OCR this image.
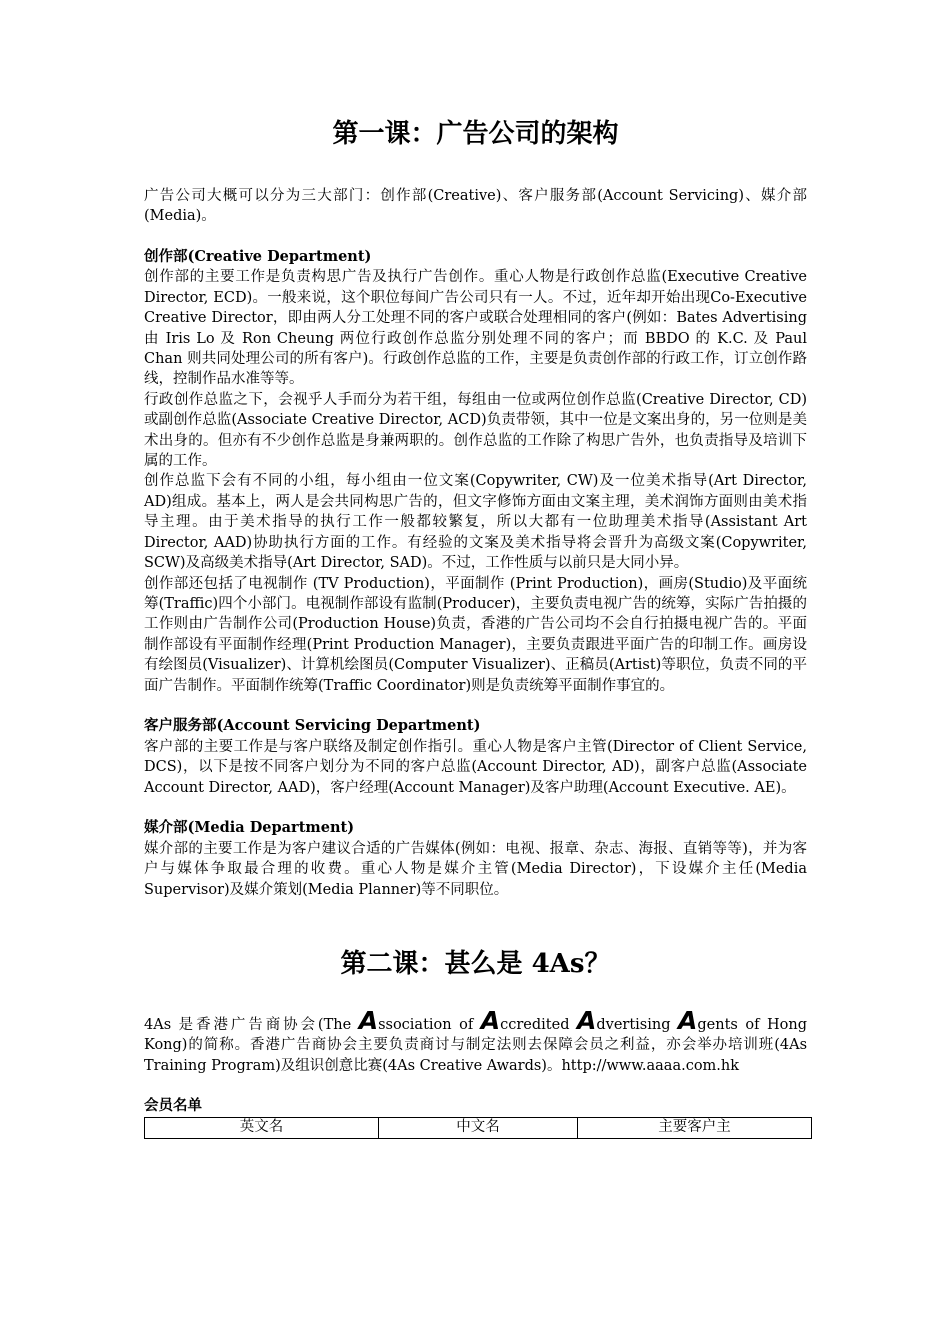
第一课：广告公司的架构

广告公司大概可以分为三大部门：创作部(Creative)、客户服务部(Account Servicing)、媒介部(Media)。

创作部(Creative Department)

创作部的主要工作是负责构思广告及执行广告创作。重心人物是行政创作总监(Executive Creative Director, ECD)。一般来说，这个职位每间广告公司只有一人。不过，近年却开始出现Co-Executive Creative Director，即由两人分工处理不同的客户或联合处理相同的客户(例如：Bates Advertising 由 Iris Lo 及 Ron Cheung 两位行政创作总监分别处理不同的客户；而 BBDO 的 K.C. 及 Paul Chan 则共同处理公司的所有客户)。行政创作总监的工作，主要是负责创作部的行政工作，订立创作路线，控制作品水准等等。

行政创作总监之下，会视乎人手而分为若干组，每组由一位或两位创作总监(Creative Director, CD)或副创作总监(Associate Creative Director, ACD)负责带领，其中一位是文案出身的，另一位则是美术出身的。但亦有不少创作总监是身兼两职的。创作总监的工作除了构思广告外，也负责指导及培训下属的工作。

创作总监下会有不同的小组，每小组由一位文案(Copywriter, CW)及一位美术指导(Art Director, AD)组成。基本上，两人是会共同构思广告的，但文字修饰方面由文案主理，美术润饰方面则由美术指导主理。由于美术指导的执行工作一般都较繁复，所以大都有一位助理美术指导(Assistant Art Director, AAD)协助执行方面的工作。有经验的文案及美术指导将会晋升为高级文案(Copywriter, SCW)及高级美术指导(Art Director, SAD)。不过，工作性质与以前只是大同小异。

创作部还包括了电视制作 (TV Production)，平面制作 (Print Production)，画房(Studio)及平面统筹(Traffic)四个小部门。电视制作部设有监制(Producer)，主要负责电视广告的统筹，实际广告拍摄的工作则由广告制作公司(Production House)负责，香港的广告公司均不会自行拍摄电视广告的。平面制作部设有平面制作经理(Print Production Manager)，主要负责跟进平面广告的印制工作。画房设有绘图员(Visualizer)、计算机绘图员(Computer Visualizer)、正稿员(Artist)等职位，负责不同的平面广告制作。平面制作统筹(Traffic Coordinator)则是负责统筹平面制作事宜的。

客户服务部(Account Servicing Department)

客户部的主要工作是与客户联络及制定创作指引。重心人物是客户主管(Director of Client Service, DCS)，以下是按不同客户划分为不同的客户总监(Account Director, AD)，副客户总监(Associate Account Director, AAD)，客户经理(Account Manager)及客户助理(Account Executive. AE)。

媒介部(Media Department)

媒介部的主要工作是为客户建议合适的广告媒体(例如：电视、报章、杂志、海报、直销等等)，并为客户与媒体争取最合理的收费。重心人物是媒介主管(Media Director)，下设媒介主任(Media Supervisor)及媒介策划(Media Planner)等不同职位。

第二课：甚么是 4As？

4As 是香港广告商协会(The Association of Accredited Advertising Agents of Hong Kong)的简称。香港广告商协会主要负责商讨与制定法则去保障会员之利益，亦会举办培训班(4As Training Program)及组识创意比赛(4As Creative Awards)。http://www.aaaa.com.hk

会员名单
英文名	中文名	主要客户主
